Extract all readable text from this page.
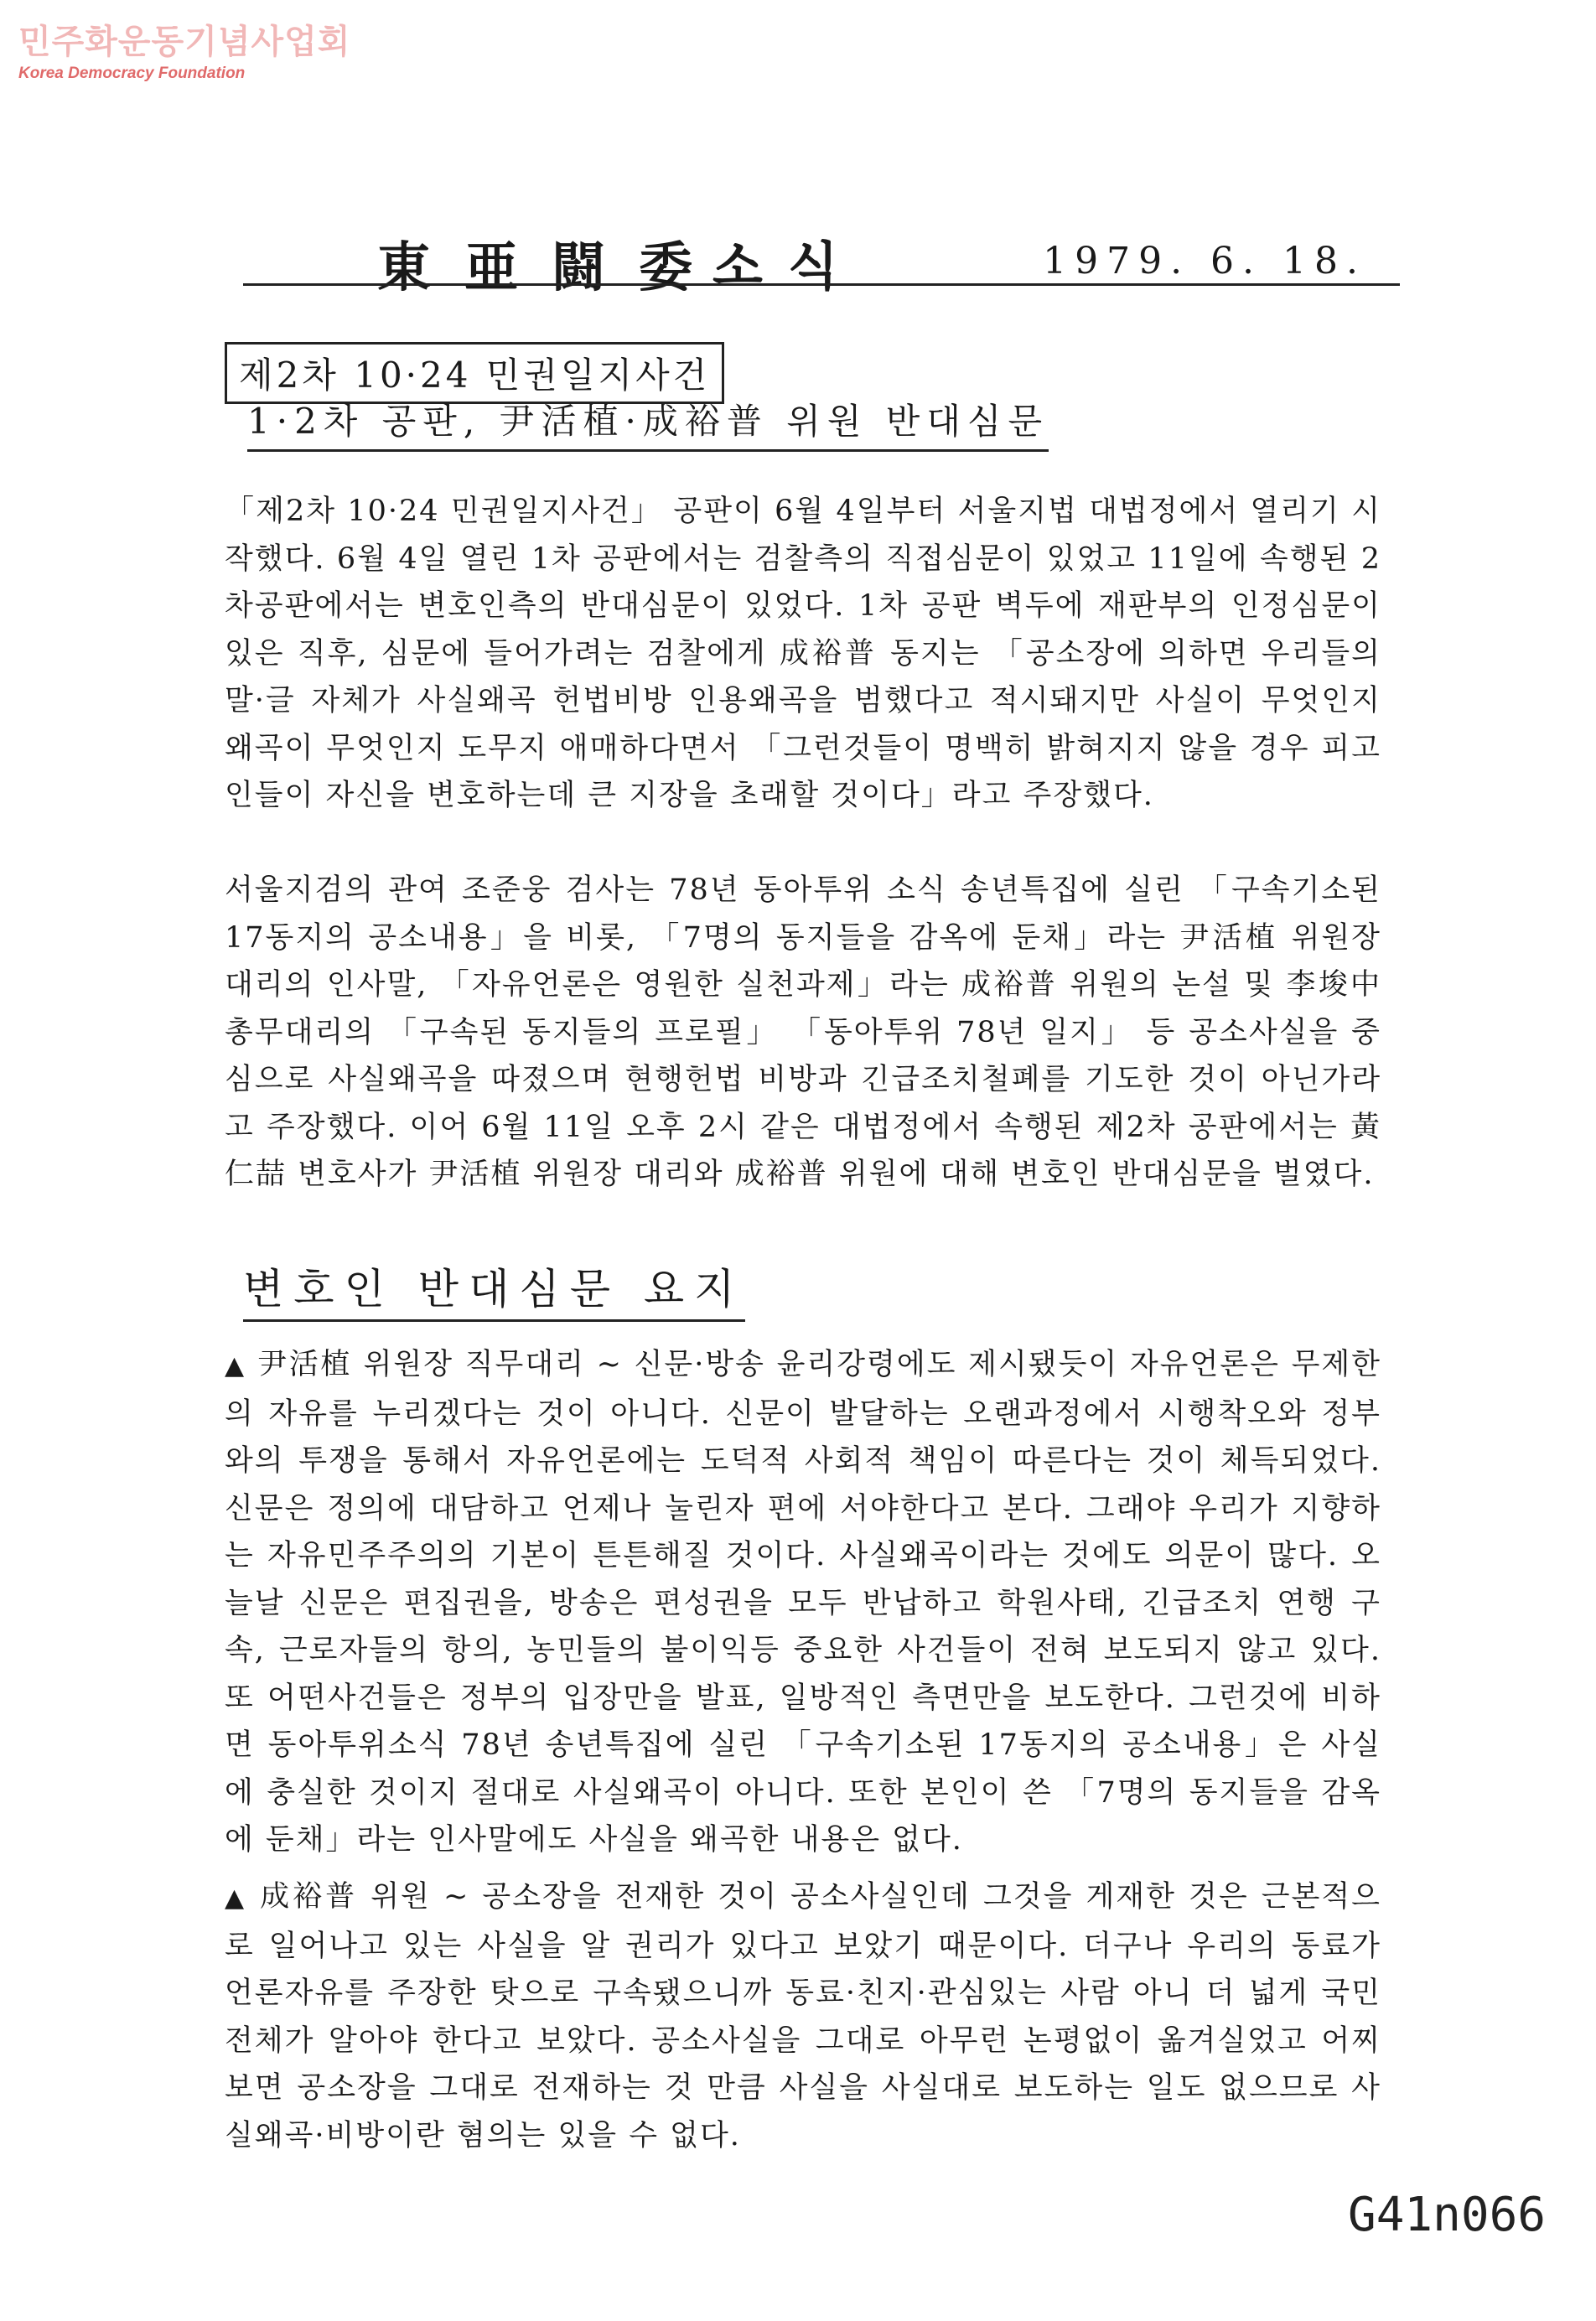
민주화운동기념사업회
Korea Democracy Foundation
東亜闘委
소식	1979. 6. 18.
제2차 10·24 민권일지사건
1·2차 공판, 尹活植·成裕普 위원 반대심문
「제2차 10·24 민권일지사건」 공판이 6월 4일부터 서울지법 대법정에서 열리기 시작했다. 6월 4일 열린 1차 공판에서는 검찰측의 직접심문이 있었고 11일에 속행된 2차공판에서는 변호인측의 반대심문이 있었다. 1차 공판 벽두에 재판부의 인정심문이 있은 직후, 심문에 들어가려는 검찰에게 成裕普 동지는 「공소장에 의하면 우리들의 말·글 자체가 사실왜곡 헌법비방 인용왜곡을 범했다고 적시돼지만 사실이 무엇인지 왜곡이 무엇인지 도무지 애매하다면서 「그런것들이 명백히 밝혀지지 않을 경우 피고인들이 자신을 변호하는데 큰 지장을 초래할 것이다」라고 주장했다.
서울지검의 관여 조준웅 검사는 78년 동아투위 소식 송년특집에 실린 「구속기소된 17동지의 공소내용」을 비롯, 「7명의 동지들을 감옥에 둔채」라는 尹活植 위원장 대리의 인사말, 「자유언론은 영원한 실천과제」라는 成裕普 위원의 논설 및 李埈中 총무대리의 「구속된 동지들의 프로필」 「동아투위 78년 일지」 등 공소사실을 중심으로 사실왜곡을 따졌으며 현행헌법 비방과 긴급조치철폐를 기도한 것이 아닌가라고 주장했다. 이어 6월 11일 오후 2시 같은 대법정에서 속행된 제2차 공판에서는 黃仁喆 변호사가 尹活植 위원장 대리와 成裕普 위원에 대해 변호인 반대심문을 벌였다.
변호인 반대심문 요지
▲ 尹活植 위원장 직무대리 ~ 신문·방송 윤리강령에도 제시됐듯이 자유언론은 무제한의 자유를 누리겠다는 것이 아니다. 신문이 발달하는 오랜과정에서 시행착오와 정부와의 투쟁을 통해서 자유언론에는 도덕적 사회적 책임이 따른다는 것이 체득되었다. 신문은 정의에 대담하고 언제나 눌린자 편에 서야한다고 본다. 그래야 우리가 지향하는 자유민주주의의 기본이 튼튼해질 것이다. 사실왜곡이라는 것에도 의문이 많다. 오늘날 신문은 편집권을, 방송은 편성권을 모두 반납하고 학원사태, 긴급조치 연행 구속, 근로자들의 항의, 농민들의 불이익등 중요한 사건들이 전혀 보도되지 않고 있다. 또 어떤사건들은 정부의 입장만을 발표, 일방적인 측면만을 보도한다. 그런것에 비하면 동아투위소식 78년 송년특집에 실린 「구속기소된 17동지의 공소내용」은 사실에 충실한 것이지 절대로 사실왜곡이 아니다. 또한 본인이 쓴 「7명의 동지들을 감옥에 둔채」라는 인사말에도 사실을 왜곡한 내용은 없다.
▲ 成裕普 위원 ~ 공소장을 전재한 것이 공소사실인데 그것을 게재한 것은 근본적으로 일어나고 있는 사실을 알 권리가 있다고 보았기 때문이다. 더구나 우리의 동료가 언론자유를 주장한 탓으로 구속됐으니까 동료·친지·관심있는 사람 아니 더 넓게 국민 전체가 알아야 한다고 보았다. 공소사실을 그대로 아무런 논평없이 옮겨실었고 어찌보면 공소장을 그대로 전재하는 것 만큼 사실을 사실대로 보도하는 일도 없으므로 사실왜곡·비방이란 혐의는 있을 수 없다.
G41n066
